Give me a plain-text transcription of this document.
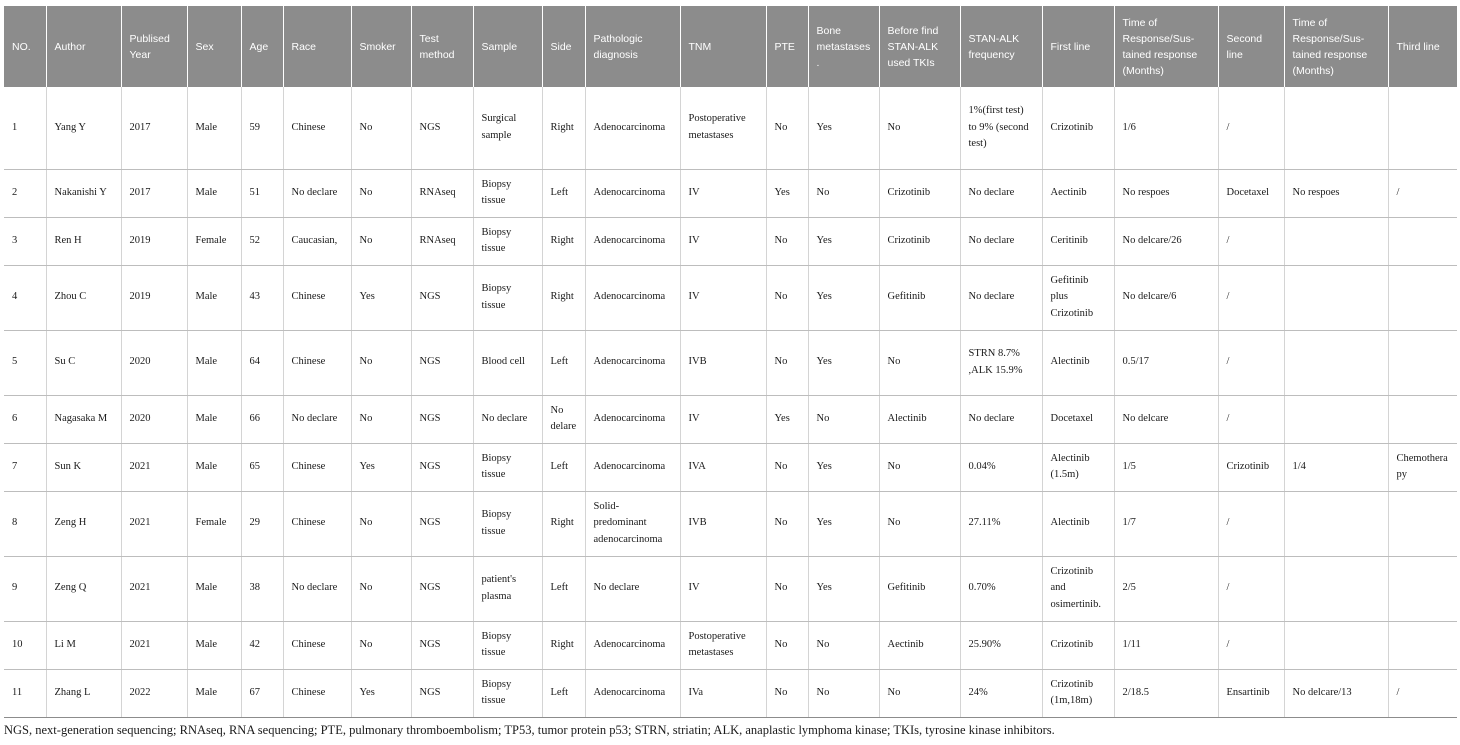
NO.	Author	Publised Year	Sex	Age	Race	Smoker	Test method	Sample	Side	Pathologic diagnosis	TNM	PTE	Bone metastases.	Before find STAN-ALK used TKIs	STAN-ALK frequency	First line	Time of Response/Sus-tained response (Months)	Second line	Time of Response/Sus-tained response (Months)	Third line
1	Yang Y	2017	Male	59	Chinese	No	NGS	Surgical sample	Right	Adenocarcinoma	Postoperative metastases	No	Yes	No	1%(first test) to 9% (second test)	Crizotinib	1/6	/		
2	Nakanishi Y	2017	Male	51	No declare	No	RNAseq	Biopsy tissue	Left	Adenocarcinoma	IV	Yes	No	Crizotinib	No declare	Aectinib	No respoes	Docetaxel	No respoes	/
3	Ren H	2019	Female	52	Caucasian,	No	RNAseq	Biopsy tissue	Right	Adenocarcinoma	IV	No	Yes	Crizotinib	No declare	Ceritinib	No delcare/26	/		
4	Zhou C	2019	Male	43	Chinese	Yes	NGS	Biopsy tissue	Right	Adenocarcinoma	IV	No	Yes	Gefitinib	No declare	Gefitinib plus Crizotinib	No delcare/6	/		
5	Su C	2020	Male	64	Chinese	No	NGS	Blood cell	Left	Adenocarcinoma	IVB	No	Yes	No	STRN 8.7% ,ALK 15.9%	Alectinib	0.5/17	/		
6	Nagasaka M	2020	Male	66	No declare	No	NGS	No declare	No delare	Adenocarcinoma	IV	Yes	No	Alectinib	No declare	Docetaxel	No delcare	/		
7	Sun K	2021	Male	65	Chinese	Yes	NGS	Biopsy tissue	Left	Adenocarcinoma	IVA	No	Yes	No	0.04%	Alectinib (1.5m)	1/5	Crizotinib	1/4	Chemotherapy
8	Zeng H	2021	Female	29	Chinese	No	NGS	Biopsy tissue	Right	Solid-predominant adenocarcinoma	IVB	No	Yes	No	27.11%	Alectinib	1/7	/		
9	Zeng Q	2021	Male	38	No declare	No	NGS	patient's plasma	Left	No declare	IV	No	Yes	Gefitinib	0.70%	Crizotinib and osimertinib.	2/5	/		
10	Li M	2021	Male	42	Chinese	No	NGS	Biopsy tissue	Right	Adenocarcinoma	Postoperative metastases	No	No	Aectinib	25.90%	Crizotinib	1/11	/		
11	Zhang L	2022	Male	67	Chinese	Yes	NGS	Biopsy tissue	Left	Adenocarcinoma	IVa	No	No	No	24%	Crizotinib (1m,18m)	2/18.5	Ensartinib	No delcare/13	/
NGS, next-generation sequencing; RNAseq, RNA sequencing; PTE, pulmonary thromboembolism; TP53, tumor protein p53; STRN, striatin; ALK, anaplastic lymphoma kinase; TKIs, tyrosine kinase inhibitors.
